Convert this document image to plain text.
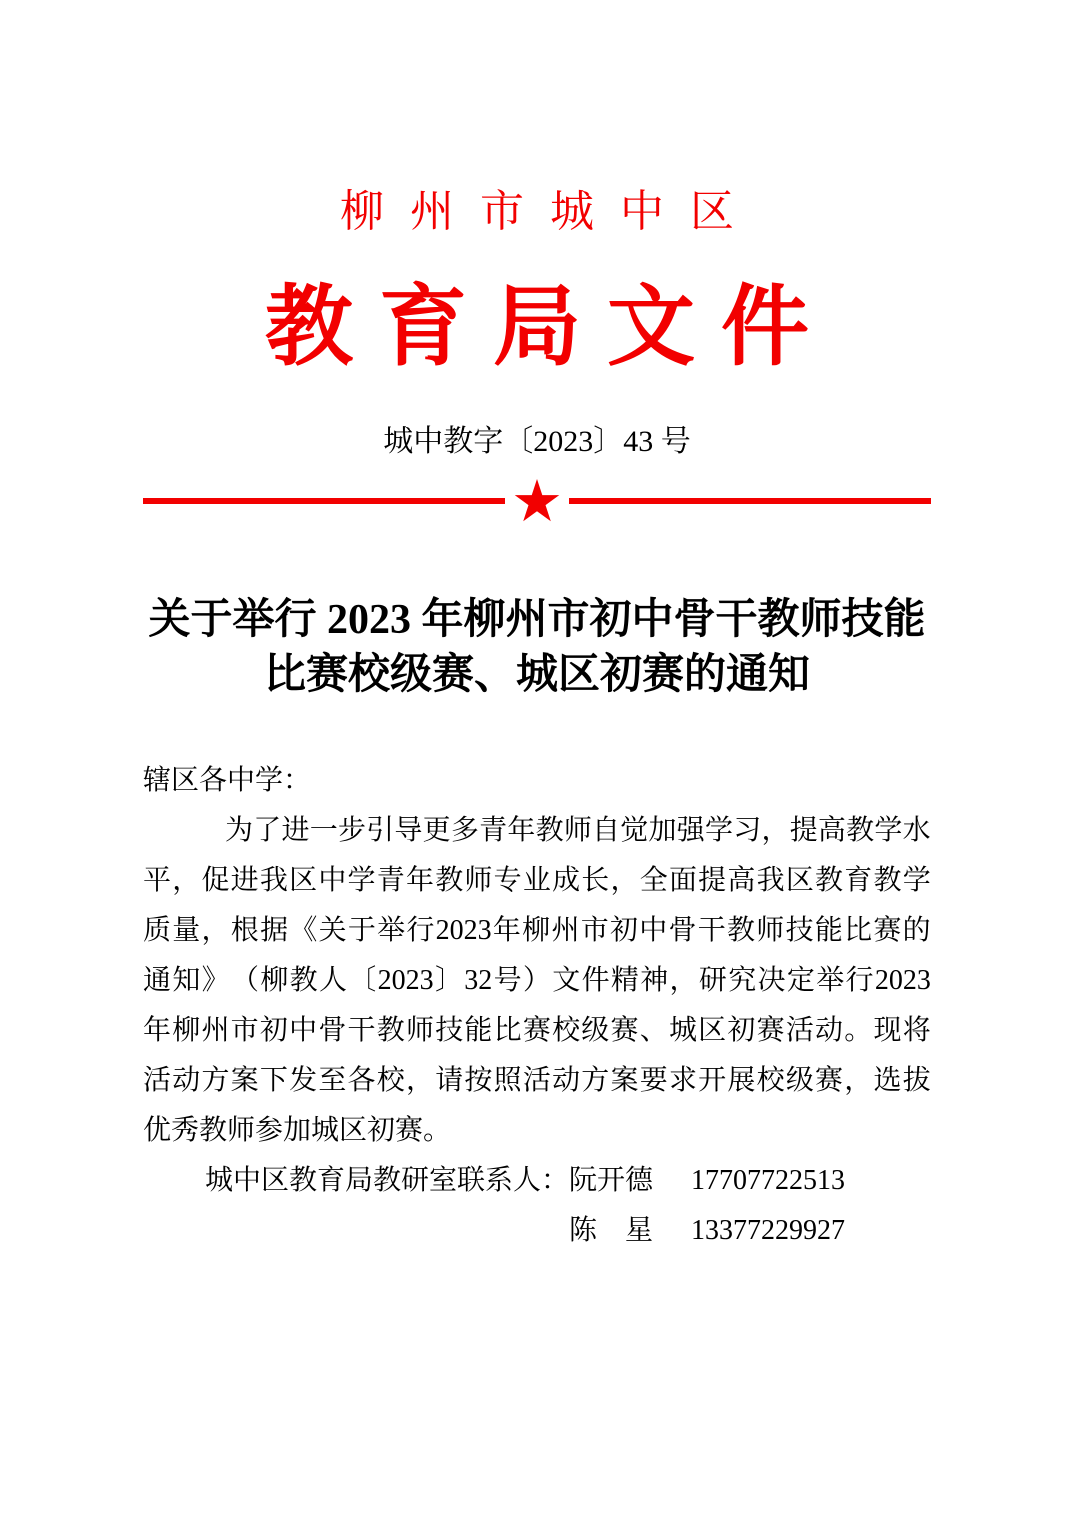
柳州市城中区
教育局文件
城中教字〔2023〕43 号
★
关于举行 2023 年柳州市初中骨干教师技能
比赛校级赛、城区初赛的通知
辖区各中学：
为 了 进 一 步 引 导 更 多 青 年 教 师 自 觉 加 强 学 习 ， 提 高 教 学 水
平 ， 促 进 我 区 中 学 青 年 教 师 专 业 成 长 ， 全 面 提 高 我 区 教 育 教 学
质 量 ， 根 据 《 关 于 举 行 2023 年 柳 州 市 初 中 骨 干 教 师 技 能 比 赛 的
通 知 》 （ 柳 教 人 〔 2023 〕 32 号 ） 文 件 精 神 ， 研 究 决 定 举 行 2023
年 柳 州 市 初 中 骨 干 教 师 技 能 比 赛 校 级 赛 、 城 区 初 赛 活 动 。 现 将
活 动 方 案 下 发 至 各 校 ， 请 按 照 活 动 方 案 要 求 开 展 校 级 赛 ， 选 拔
优秀教师参加城区初赛。
城中区教育局教研室联系人：阮开德 17707722513
陈　星 13377229927
